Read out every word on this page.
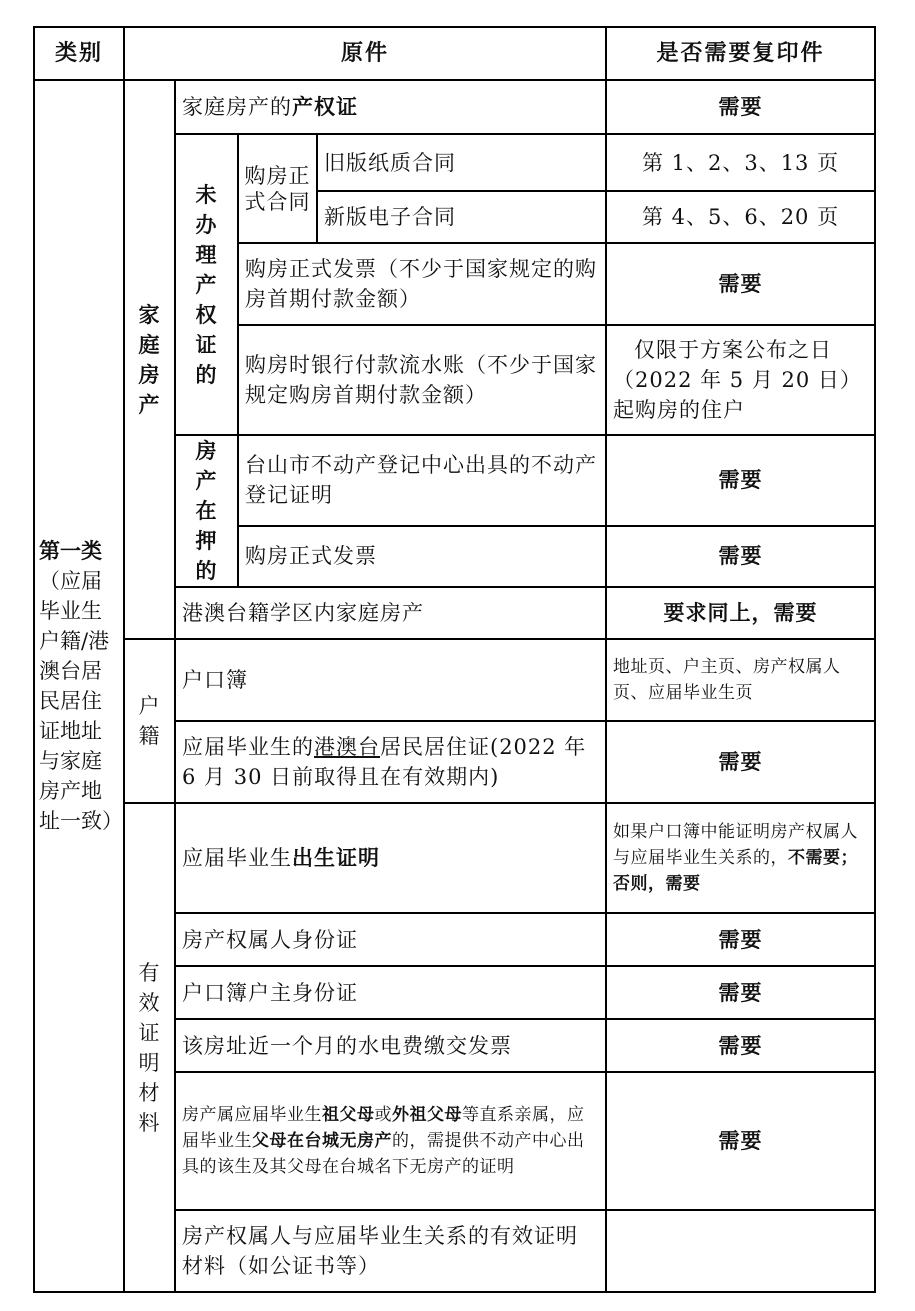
类别	原件				是否需要复印件
第一类（应届毕业生户籍/港澳台居民居住证地址与家庭房产地址一致）	家庭房产	家庭房产的产权证			需要

		未办理产权证的	购房正式合同	旧版纸质合同	第 1、2、3、13 页
				新版电子合同	第 4、5、6、20 页
			购房正式发票（不少于国家规定的购房首期付款金额）		需要
			购房时银行付款流水账（不少于国家规定购房首期付款金额）		仅限于方案公布之日（2022 年 5 月 20 日）起购房的住户

		房产在押的	台山市不动产登记中心出具的不动产登记证明		需要
			购房正式发票		需要
		港澳台籍学区内家庭房产			要求同上，需要

	户籍	户口簿			地址页、户主页、房产权属人页、应届毕业生页
		应届毕业生的港澳台居民居住证(2022 年 6 月 30 日前取得且在有效期内)			需要

	有效证明材料	应届毕业生出生证明			如果户口簿中能证明房产权属人与应届毕业生关系的，不需要；否则，需要
		房产权属人身份证			需要
		户口簿户主身份证			需要
		该房址近一个月的水电费缴交发票			需要
		房产属应届毕业生祖父母或外祖父母等直系亲属，应届毕业生父母在台城无房产的，需提供不动产中心出具的该生及其父母在台城名下无房产的证明			需要
		房产权属人与应届毕业生关系的有效证明材料（如公证书等）			
